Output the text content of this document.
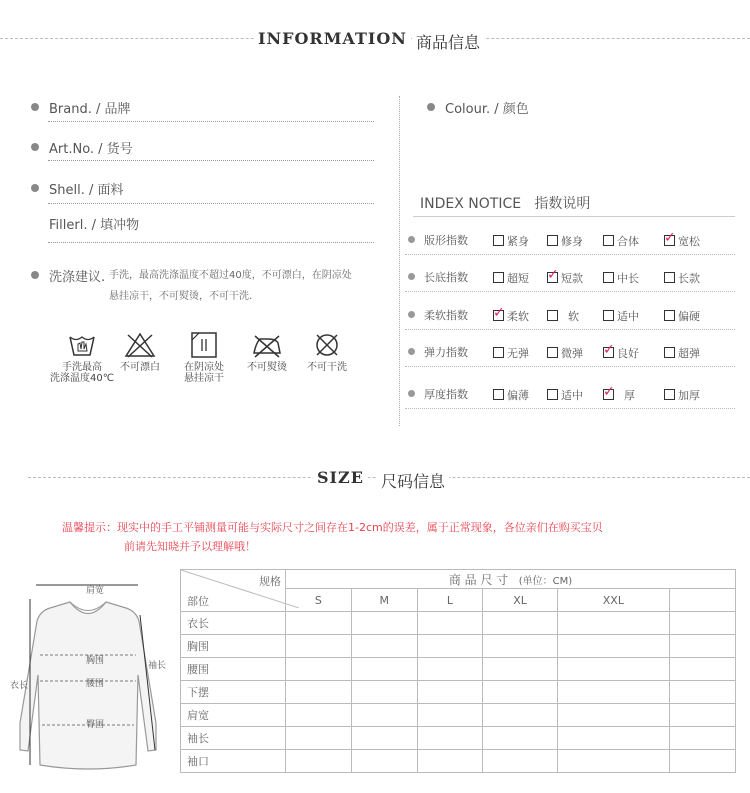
INFORMATION 商品信息
Brand. / 品牌
Art.No. / 货号
Shell. / 面料
Fillerl. / 填冲物
洗涤建议. 手洗，最高洗涤温度不超过40度，不可漂白，在阴凉处
悬挂凉干，不可熨烫，不可干洗.
手洗最高
洗涤温度40℃
不可漂白	在阴凉处
悬挂凉干
不可熨烫	不可干洗
Colour. / 颜色
INDEX NOTICE   指数说明
版形指数	紧身	修身	合体 ✓ 宽松
长底指数	超短 ✓ 短款	中长	长款
柔软指数 ✓ 柔软	软	适中	偏硬
弹力指数	无弹	微弹 ✓ 良好	超弹
厚度指数	偏薄	适中 ✓ 厚	加厚
SIZE 尺码信息
温馨提示：现实中的手工平铺测量可能与实际尺寸之间存在1-2cm的误差，属于正常现象，各位亲们在购买宝贝
前请先知晓并予以理解哦！
肩宽
胸围
腰围
臀围
袖长
衣长
规格
部位	商 品 尺 寸 (单位：CM)					
	S	M	L	XL	XXL	
衣长						
胸围						
腰围						
下摆						
肩宽						
袖长						
袖口						
